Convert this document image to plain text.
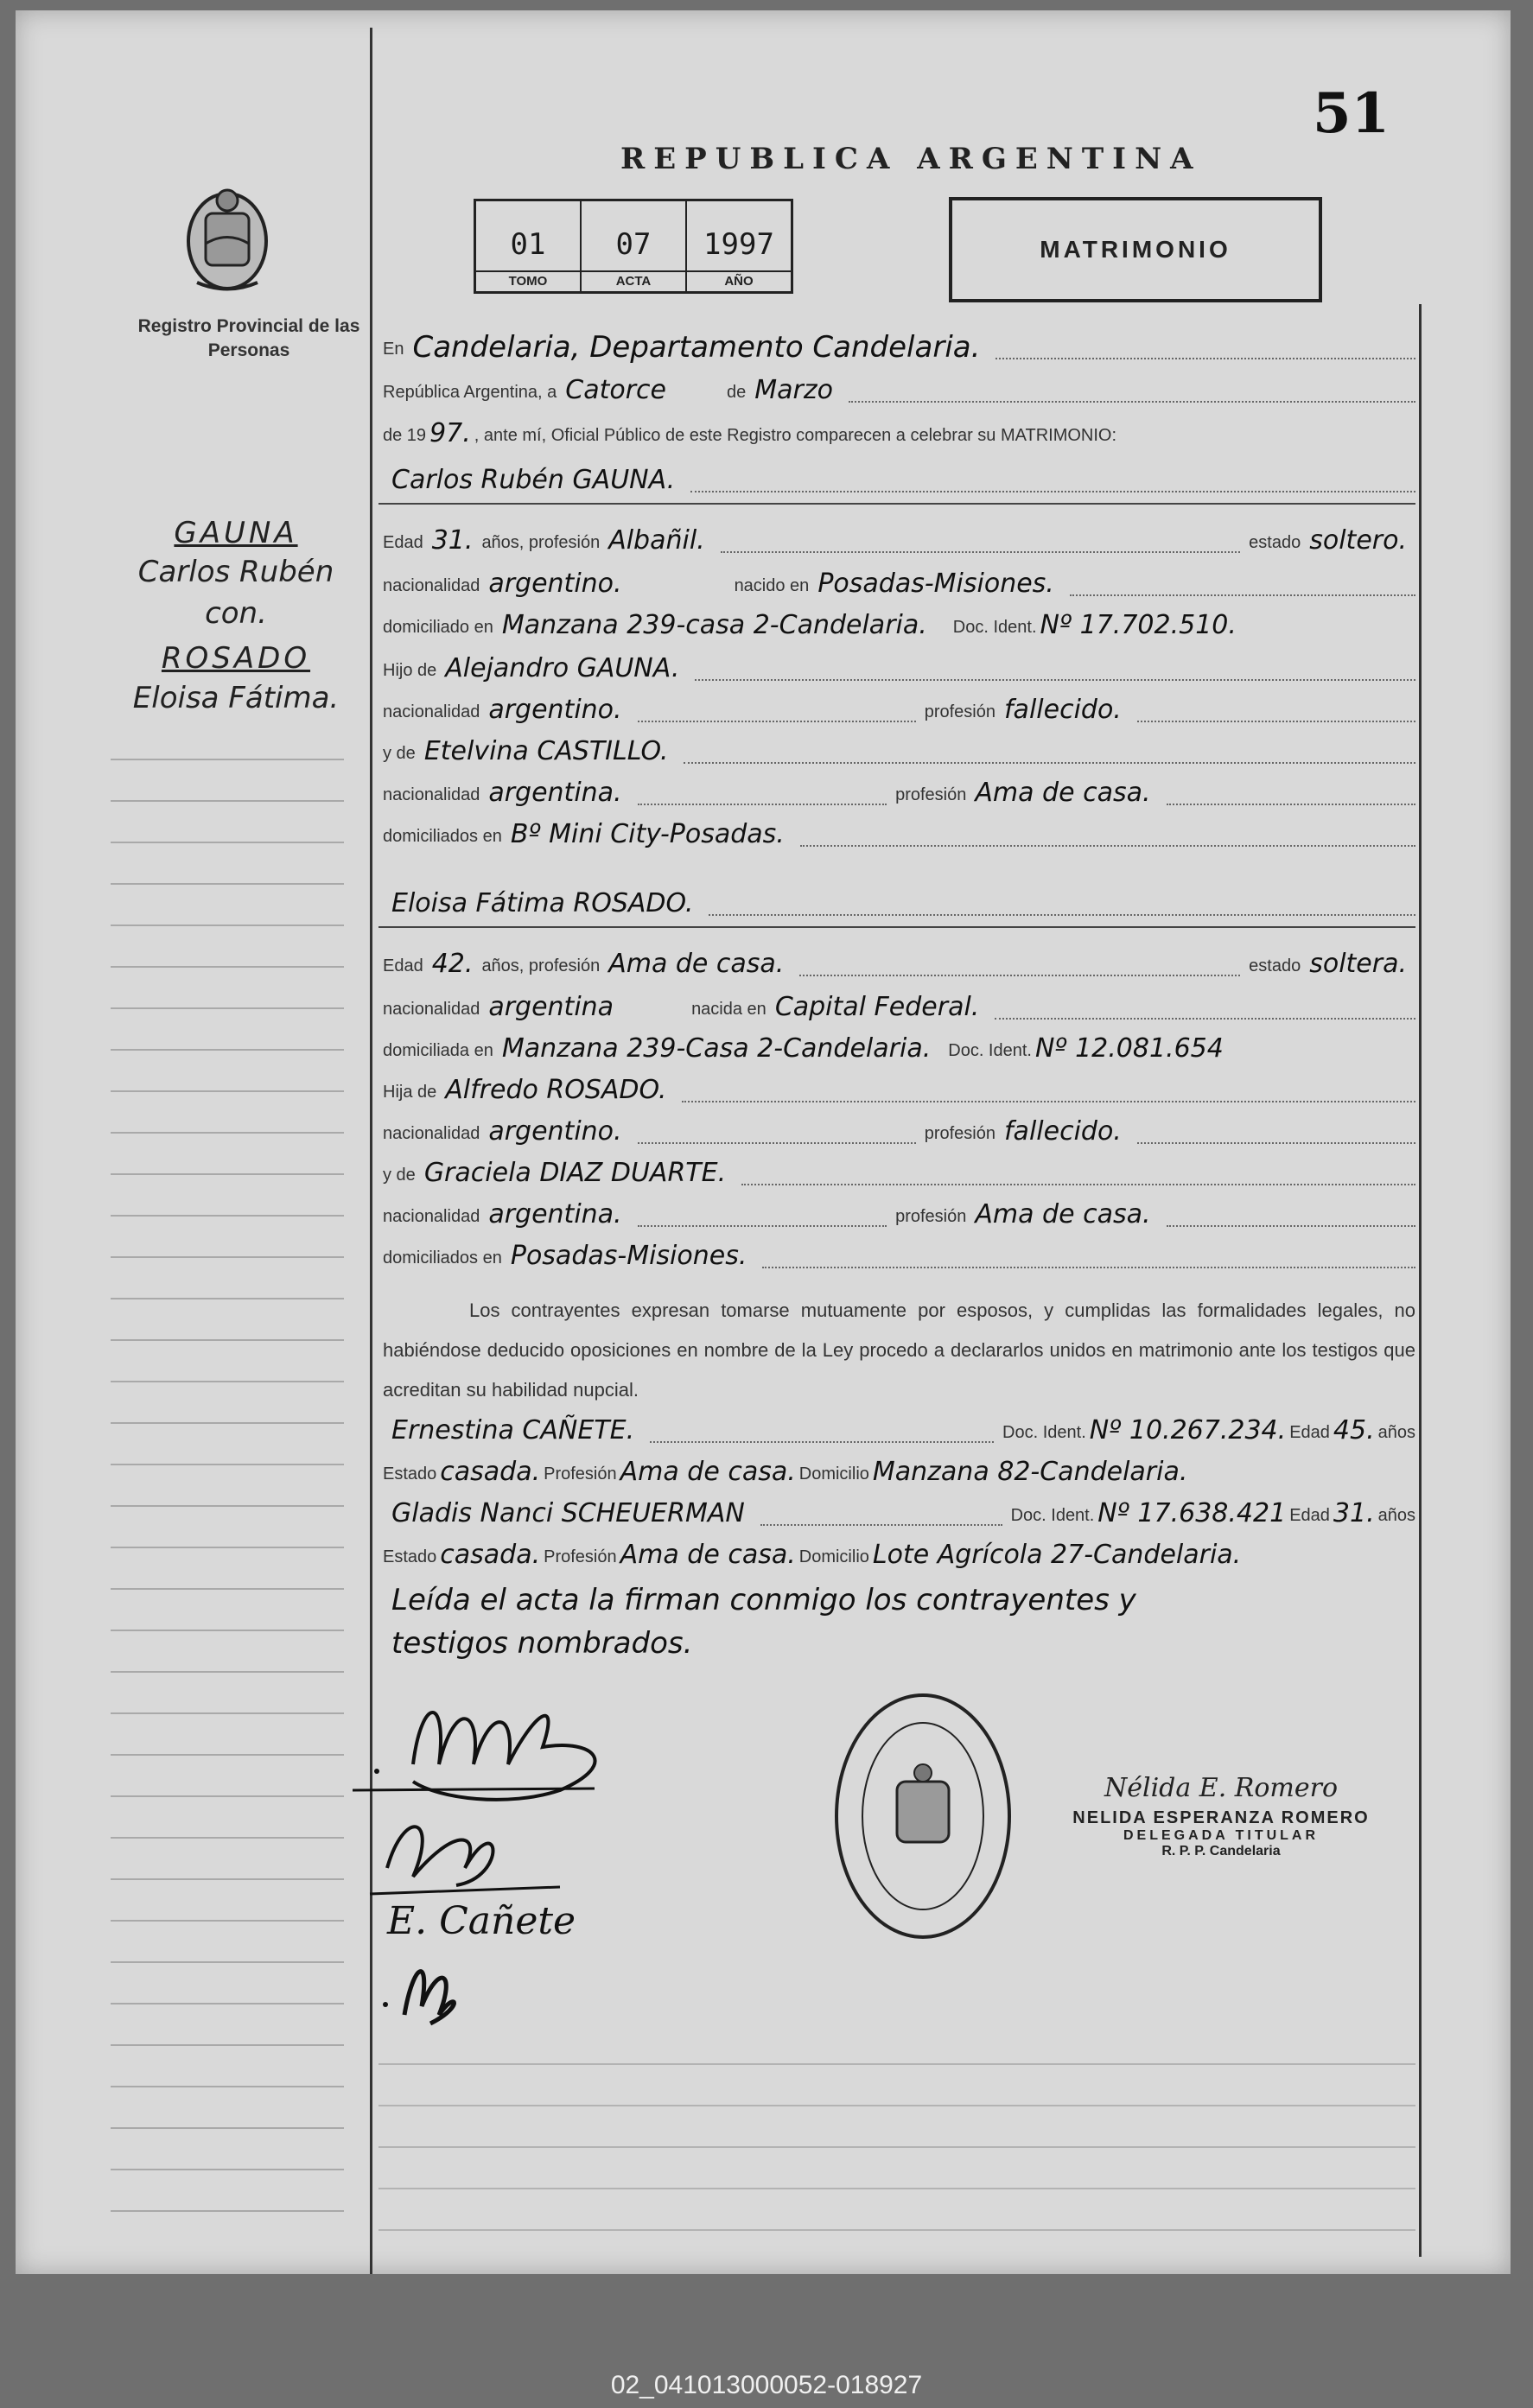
51
REPUBLICA ARGENTINA
Registro Provincial de las Personas
01
TOMO
07
ACTA
1997
AÑO
MATRIMONIO
GAUNA
Carlos Rubén
con.
ROSADO
Eloisa Fátima.
En Candelaria, Departamento Candelaria.
República Argentina, a Catorce	de Marzo
de 19 97. , ante mí, Oficial Público de este Registro comparecen a celebrar su MATRIMONIO:
Carlos Rubén GAUNA.
Edad 31. años, profesión Albañil.	estado soltero.
nacionalidad argentino.	nacido en Posadas-Misiones.
domiciliado en Manzana 239-casa 2-Candelaria.	Doc. Ident. Nº 17.702.510.
Hijo de Alejandro GAUNA.
nacionalidad argentino.	profesión fallecido.
y de Etelvina CASTILLO.
nacionalidad argentina.	profesión Ama de casa.
domiciliados en Bº Mini City-Posadas.
Eloisa Fátima ROSADO.
Edad 42. años, profesión Ama de casa.	estado soltera.
nacionalidad argentina	nacida en Capital Federal.
domiciliada en Manzana 239-Casa 2-Candelaria.	Doc. Ident. Nº 12.081.654
Hija de Alfredo ROSADO.
nacionalidad argentino.	profesión fallecido.
y de Graciela DIAZ DUARTE.
nacionalidad argentina.	profesión Ama de casa.
domiciliados en Posadas-Misiones.
Los contrayentes expresan tomarse mutuamente por esposos, y cumplidas las formalidades legales, no habiéndose deducido oposiciones en nombre de la Ley procedo a declararlos unidos en matrimonio ante los testigos que acreditan su habilidad nupcial.
Ernestina CAÑETE.	Doc. Ident. Nº 10.267.234. Edad 45. años
Estado casada. Profesión Ama de casa. Domicilio Manzana 82-Candelaria.
Gladis Nanci SCHEUERMAN	Doc. Ident. Nº 17.638.421 Edad 31. años
Estado casada. Profesión Ama de casa. Domicilio Lote Agrícola 27-Candelaria.
Leída el acta la firman conmigo los contrayentes y
testigos nombrados.
E. Cañete
Nélida E. Romero
NELIDA ESPERANZA ROMERO
DELEGADA TITULAR
R. P. P. Candelaria
02_041013000052-018927
